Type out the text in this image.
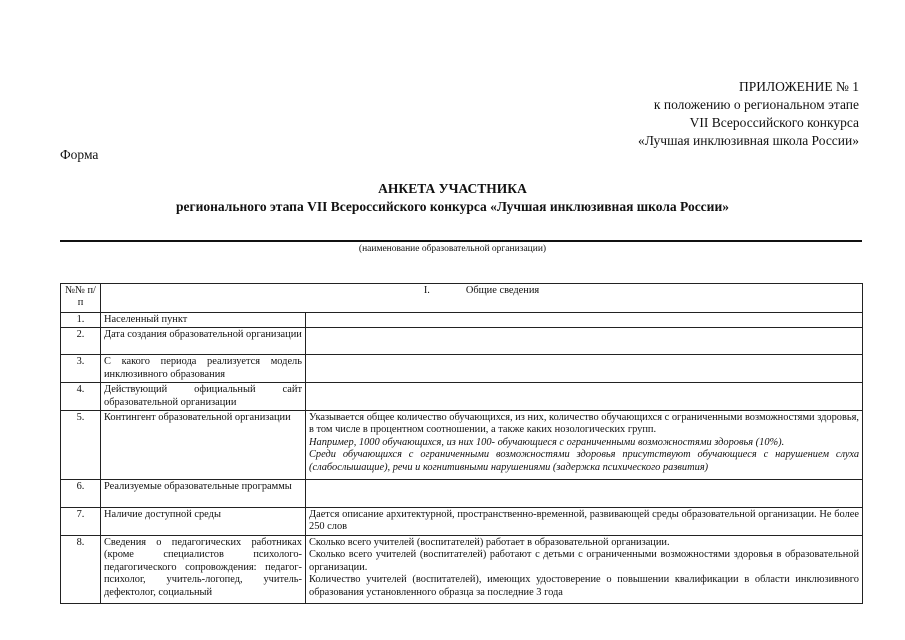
ПРИЛОЖЕНИЕ № 1
к положению о региональном этапе
VII Всероссийского конкурса
«Лучшая инклюзивная школа России»
Форма
АНКЕТА УЧАСТНИКА
регионального этапа VII Всероссийского конкурса «Лучшая инклюзивная школа России»
(наименование образовательной организации)
№№ п/п	I. Общие сведения	
1.	Населенный пункт	
2.	Дата создания образовательной организации	
3.	С какого периода реализуется модель инклюзивного образования	
4.	Действующий официальный сайт образовательной организации	
5.	Контингент образовательной организации	Указывается общее количество обучающихся, из них, количество обучающихся с ограниченными возможностями здоровья, в том числе в процентном соотношении, а также каких нозологических групп.
Например, 1000 обучающихся, из них 100- обучающиеся с ограниченными возможностями здоровья (10%).
Среди обучающихся с ограниченными возможностями здоровья присутствуют обучающиеся с нарушением слуха (слабослышащие), речи и когнитивными нарушениями (задержка психического развития)

6.	Реализуемые образовательные программы	
7.	Наличие доступной среды	Дается описание архитектурной, пространственно-временной, развивающей среды образовательной организации. Не более 250 слов
8.	Сведения о педагогических работниках (кроме специалистов психолого-педагогического сопровождения: педагог-психолог, учитель-логопед, учитель-дефектолог, социальный	Сколько всего учителей (воспитателей) работает в образовательной организации.
Сколько всего учителей (воспитателей) работают с детьми с ограниченными возможностями здоровья в образовательной организации.
Количество учителей (воспитателей), имеющих удостоверение о повышении квалификации в области инклюзивного образования установленного образца за последние 3 года
